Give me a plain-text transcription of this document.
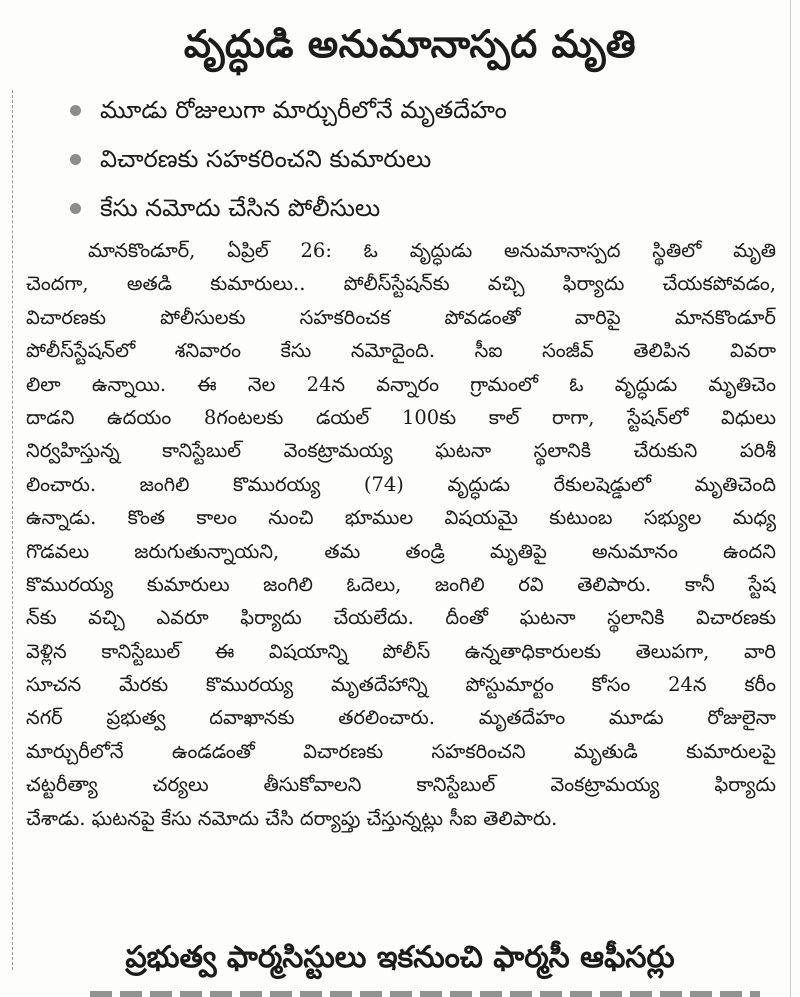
వృద్ధుడి అనుమానాస్పద మృతి
మూడు రోజులుగా మార్చురీలోనే మృతదేహం
విచారణకు సహకరించని కుమారులు
కేసు నమోదు చేసిన పోలీసులు
మానకొండూర్, ఏప్రిల్ 26: ఓ వృద్ధుడు అనుమానాస్పద స్థితిలో మృతి
చెందగా, అతడి కుమారులు.. పోలీస్‌స్టేషన్‌కు వచ్చి ఫిర్యాదు చేయకపోవడం,
విచారణకు పోలీసులకు సహకరించక పోవడంతో వారిపై మానకొండూర్
పోలీస్‌స్టేషన్‌లో శనివారం కేసు నమోదైంది. సీఐ సంజీవ్ తెలిపిన వివరా
లిలా ఉన్నాయి. ఈ నెల 24న వన్నారం గ్రామంలో ఓ వృద్ధుడు మృతిచెం
దాడని ఉదయం 8గంటలకు డయల్ 100కు కాల్ రాగా, స్టేషన్‌లో విధులు
నిర్వహిస్తున్న కానిస్టేబుల్ వెంకట్రామయ్య ఘటనా స్థలానికి చేరుకుని పరిశీ
లించారు. జంగిలి కొమురయ్య (74) వృద్ధుడు రేకులషెడ్డులో మృతిచెంది
ఉన్నాడు. కొంత కాలం నుంచి భూముల విషయమై కుటుంబ సభ్యుల మధ్య
గొడవలు జరుగుతున్నాయని, తమ తండ్రి మృతిపై అనుమానం ఉందని
కొమురయ్య కుమారులు జంగిలి ఓదెలు, జంగిలి రవి తెలిపారు. కానీ స్టేష
న్‌కు వచ్చి ఎవరూ ఫిర్యాదు చేయలేదు. దీంతో ఘటనా స్థలానికి విచారణకు
వెళ్లిన కానిస్టేబుల్ ఈ విషయాన్ని పోలీస్ ఉన్నతాధికారులకు తెలుపగా, వారి
సూచన మేరకు కొమురయ్య మృతదేహాన్ని పోస్టుమార్టం కోసం 24న కరీం
నగర్ ప్రభుత్వ దవాఖానకు తరలించారు. మృతదేహం మూడు రోజులైనా
మార్చురీలోనే ఉండడంతో విచారణకు సహకరించని మృతుడి కుమారులపై
చట్టరీత్యా చర్యలు తీసుకోవాలని కానిస్టేబుల్ వెంకట్రామయ్య ఫిర్యాదు
చేశాడు. ఘటనపై కేసు నమోదు చేసి దర్యాప్తు చేస్తున్నట్లు సీఐ తెలిపారు.
ప్రభుత్వ ఫార్మసిస్టులు ఇకనుంచి ఫార్మసీ ఆఫీసర్లు
